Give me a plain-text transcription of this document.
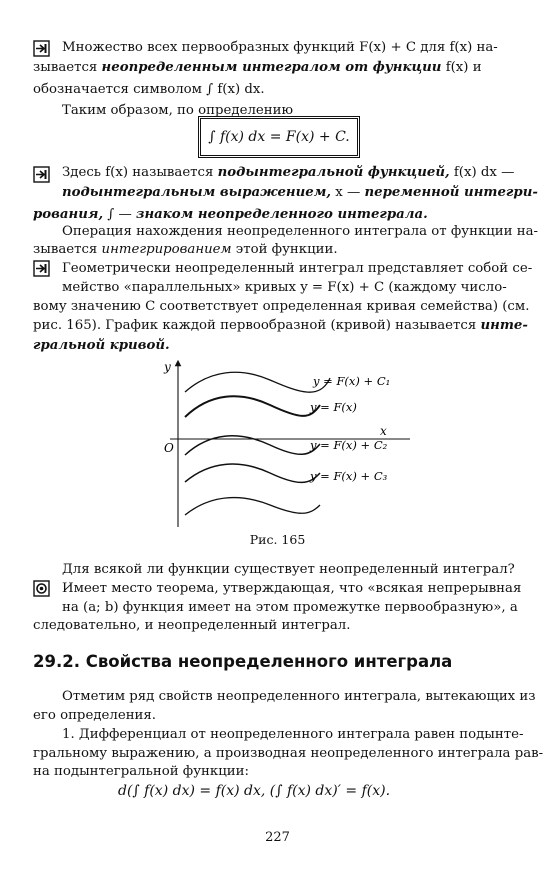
Множество всех первообразных функций F(x) + C для f(x) на-
зывается неопределенным интегралом от функции f(x) и
обозначается символом ∫ f(x) dx.
Таким образом, по определению
∫ f(x) dx = F(x) + C.
Здесь f(x) называется подынтегральной функцией, f(x) dx —
подынтегральным выражением, x — переменной интегри-
рования, ∫ — знаком неопределенного интеграла.
Операция нахождения неопределенного интеграла от функции на-
зывается интегрированием этой функции.
Геометрически неопределенный интеграл представляет собой се-
мейство «параллельных» кривых y = F(x) + C (каждому число-
вому значению C соответствует определенная кривая семейства) (см.
рис. 165). График каждой первообразной (кривой) называется инте-
гральной кривой.
y
x
O
y = F(x) + C₁
y = F(x)
y = F(x) + C₂
y = F(x) + C₃
Рис. 165
Для всякой ли функции существует неопределенный интеграл?
Имеет место теорема, утверждающая, что «всякая непрерывная
на (a; b) функция имеет на этом промежутке первообразную», а
следовательно, и неопределенный интеграл.
29.2. Свойства неопределенного интеграла
Отметим ряд свойств неопределенного интеграла, вытекающих из
его определения.
1. Дифференциал от неопределенного интеграла равен подынте-
гральному выражению, а производная неопределенного интеграла рав-
на подынтегральной функции:
d(∫ f(x) dx) = f(x) dx, (∫ f(x) dx)′ = f(x).
227
